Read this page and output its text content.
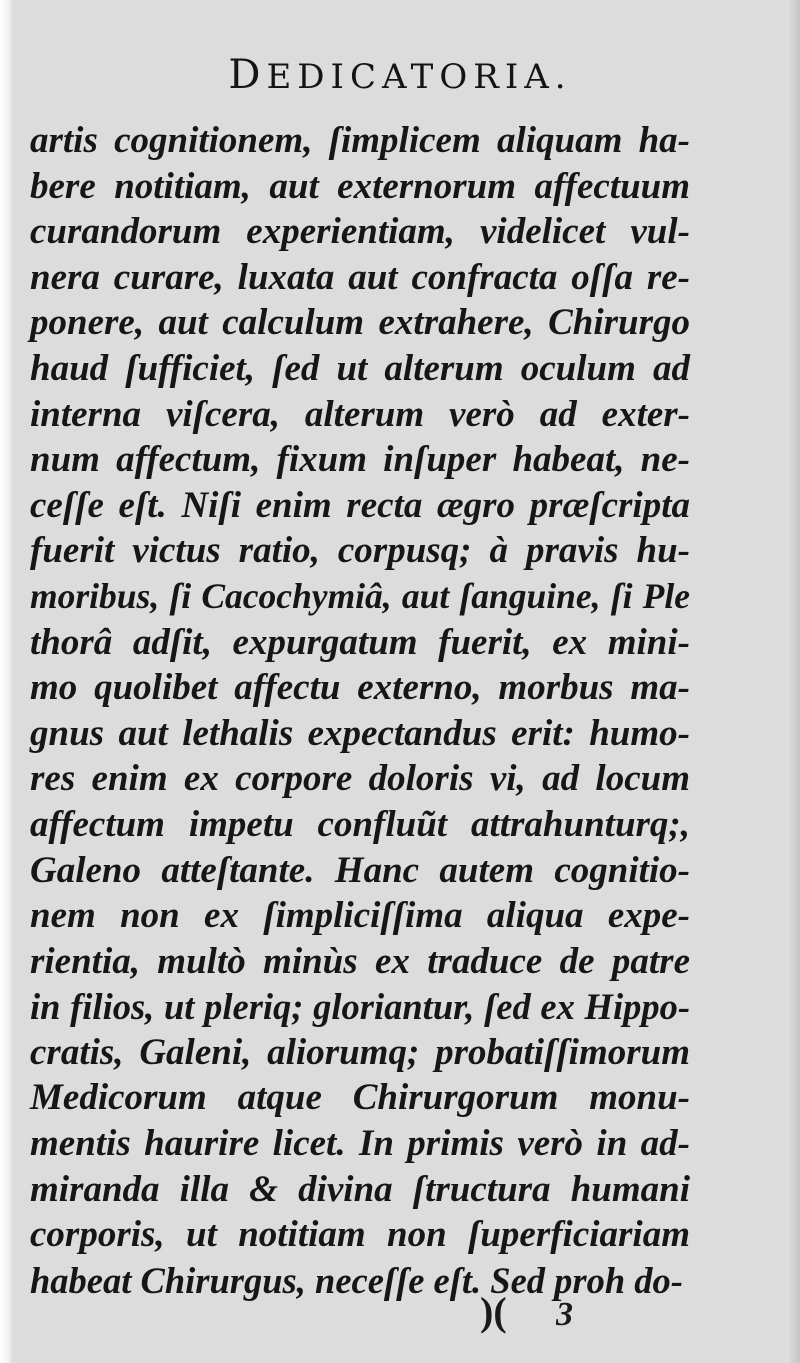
DEDICATORIA.
artis cognitionem, ſimplicem aliquam ha-
bere notitiam, aut externorum affectuum
curandorum experientiam, videlicet vul-
nera curare, luxata aut confracta oſſa re-
ponere, aut calculum extrahere, Chirurgo
haud ſufficiet, ſed ut alterum oculum ad
interna viſcera, alterum verò ad exter-
num affectum, fixum inſuper habeat, ne-
ceſſe eſt. Niſi enim recta ægro præſcripta
fuerit victus ratio, corpusq; à pravis hu-
moribus, ſi Cacochymiâ, aut ſanguine, ſi Ple
thorâ adſit, expurgatum fuerit, ex mini-
mo quolibet affectu externo, morbus ma-
gnus aut lethalis expectandus erit: humo-
res enim ex corpore doloris vi, ad locum
affectum impetu confluũt attrahunturq;,
Galeno atteſtante. Hanc autem cognitio-
nem non ex ſimpliciſſima aliqua expe-
rientia, multò minùs ex traduce de patre
in filios, ut pleriq; gloriantur, ſed ex Hippo-
cratis, Galeni, aliorumq; probatiſſimorum
Medicorum atque Chirurgorum monu-
mentis haurire licet. In primis verò in ad-
miranda illa & divina ſtructura humani
corporis, ut notitiam non ſuperficiariam
habeat Chirurgus, neceſſe eſt. Sed proh do-
)( 3
